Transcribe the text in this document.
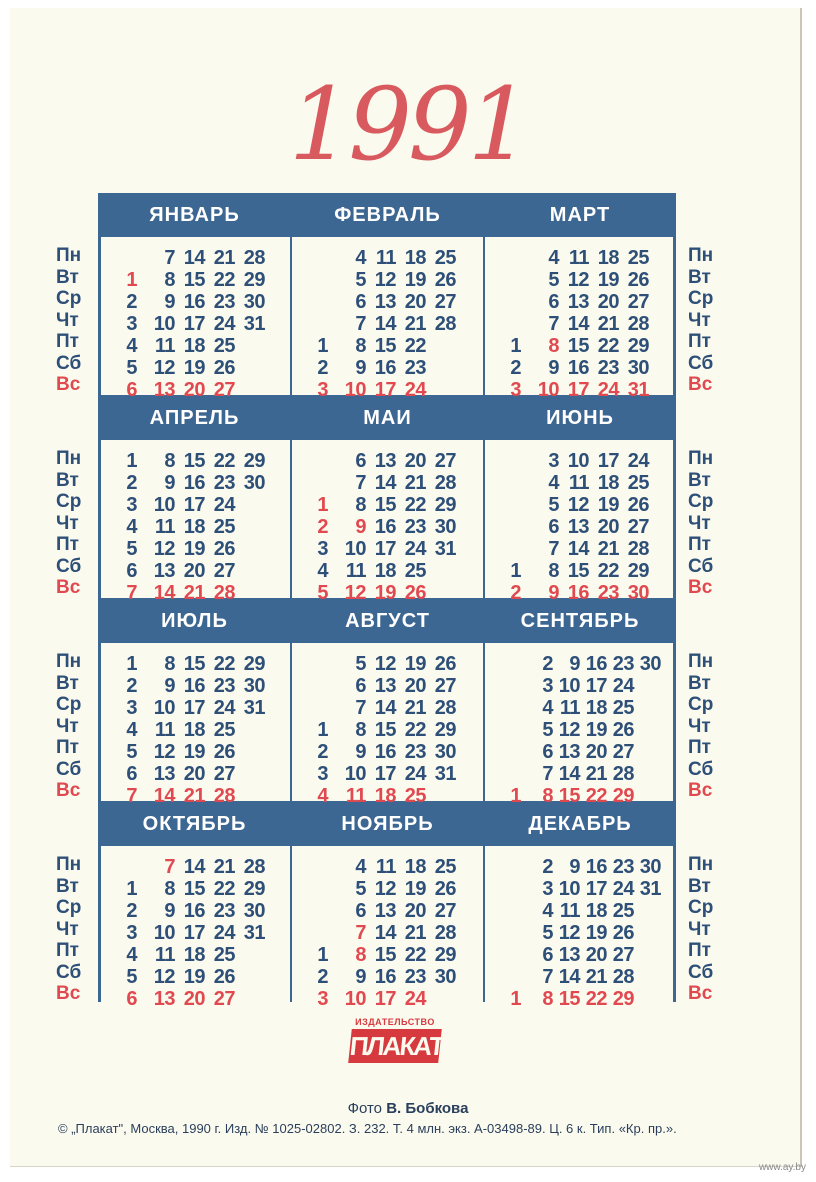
1991
ЯНВАРЬ
1
2
3
4
5
6
7
8
9
10
11
12
13
14
15
16
17
18
19
20
21
22
23
24
25
26
27
28
29
30
31
ФЕВРАЛЬ
1
2
3
4
5
6
7
8
9
10
11
12
13
14
15
16
17
18
19
20
21
22
23
24
25
26
27
28
МАРТ
1
2
3
4
5
6
7
8
9
10
11
12
13
14
15
16
17
18
19
20
21
22
23
24
25
26
27
28
29
30
31
АПРЕЛЬ
1
2
3
4
5
6
7
8
9
10
11
12
13
14
15
16
17
18
19
20
21
22
23
24
25
26
27
28
29
30
МАИ
1
2
3
4
5
6
7
8
9
10
11
12
13
14
15
16
17
18
19
20
21
22
23
24
25
26
27
28
29
30
31
ИЮНЬ
1
2
3
4
5
6
7
8
9
10
11
12
13
14
15
16
17
18
19
20
21
22
23
24
25
26
27
28
29
30
ИЮЛЬ
1
2
3
4
5
6
7
8
9
10
11
12
13
14
15
16
17
18
19
20
21
22
23
24
25
26
27
28
29
30
31
АВГУСТ
1
2
3
4
5
6
7
8
9
10
11
12
13
14
15
16
17
18
19
20
21
22
23
24
25
26
27
28
29
30
31
СЕНТЯБРЬ
1
2
3
4
5
6
7
8
9
10
11
12
13
14
15
16
17
18
19
20
21
22
23
24
25
26
27
28
29
30
ОКТЯБРЬ
1
2
3
4
5
6
7
8
9
10
11
12
13
14
15
16
17
18
19
20
21
22
23
24
25
26
27
28
29
30
31
НОЯБРЬ
1
2
3
4
5
6
7
8
9
10
11
12
13
14
15
16
17
18
19
20
21
22
23
24
25
26
27
28
29
30
ДЕКАБРЬ
1
2
3
4
5
6
7
8
9
10
11
12
13
14
15
16
17
18
19
20
21
22
23
24
25
26
27
28
29
30
31
Пн
Вт
Ср
Чт
Пт
Сб
Вс
Пн
Вт
Ср
Чт
Пт
Сб
Вс
Пн
Вт
Ср
Чт
Пт
Сб
Вс
Пн
Вт
Ср
Чт
Пт
Сб
Вс
Пн
Вт
Ср
Чт
Пт
Сб
Вс
Пн
Вт
Ср
Чт
Пт
Сб
Вс
Пн
Вт
Ср
Чт
Пт
Сб
Вс
Пн
Вт
Ср
Чт
Пт
Сб
Вс
ИЗДАТЕЛЬСТВО
ПЛАКАТ
Фото В. Бобкова
© „Плакат", Москва, 1990 г. Изд. № 1025-02802. З. 232. Т. 4 млн. экз. А-03498-89. Ц. 6 к. Тип. «Кр. пр.».
www.ay.by
